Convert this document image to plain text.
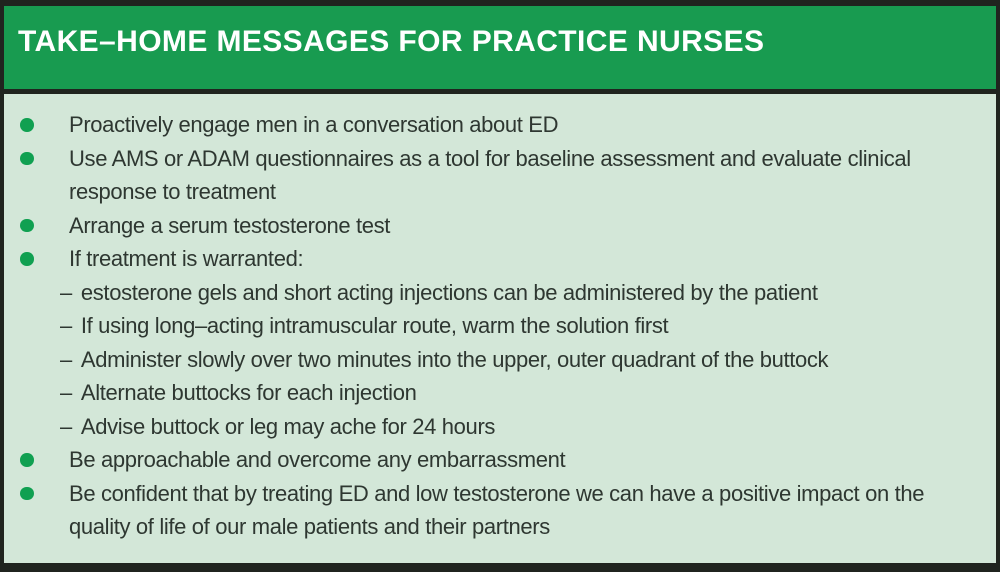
TAKE–HOME MESSAGES FOR PRACTICE NURSES
Proactively engage men in a conversation about ED
Use AMS or ADAM questionnaires as a tool for baseline assessment and evaluate clinical response to treatment
Arrange a serum testosterone test
If treatment is warranted:
– estosterone gels and short acting injections can be administered by the patient
– If using long–acting intramuscular route, warm the solution first
– Administer slowly over two minutes into the upper, outer quadrant of the buttock
– Alternate buttocks for each injection
– Advise buttock or leg may ache for 24 hours
Be approachable and overcome any embarrassment
Be confident that by treating ED and low testosterone we can have a positive impact on the quality of life of our male patients and their partners
